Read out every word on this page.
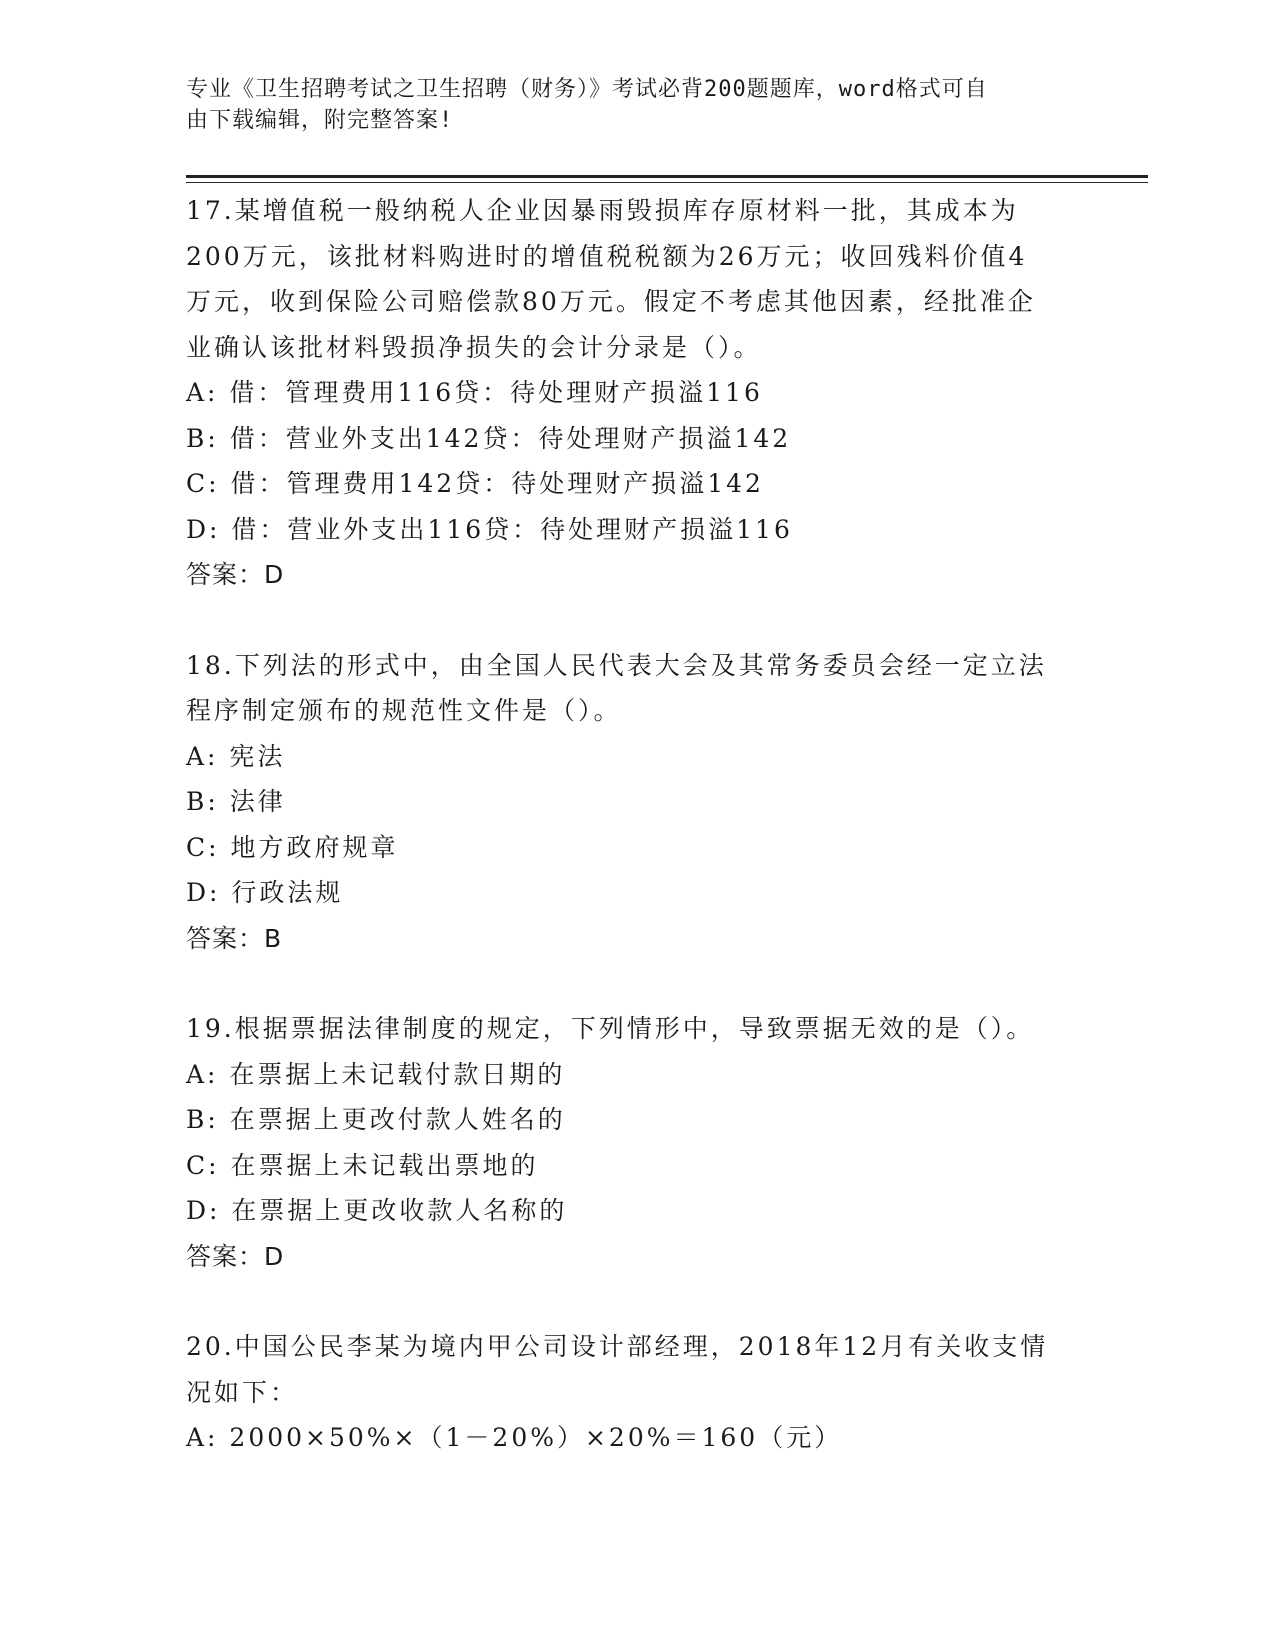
专业《卫生招聘考试之卫生招聘（财务）》考试必背200题题库，word格式可自
由下载编辑，附完整答案!

17.某增值税一般纳税人企业因暴雨毁损库存原材料一批，其成本为

200万元，该批材料购进时的增值税税额为26万元；收回残料价值4

万元，收到保险公司赔偿款80万元。假定不考虑其他因素，经批准企

业确认该批材料毁损净损失的会计分录是（）。

A: 借：管理费用116贷：待处理财产损溢116

B: 借：营业外支出142贷：待处理财产损溢142

C: 借：管理费用142贷：待处理财产损溢142

D: 借：营业外支出116贷：待处理财产损溢116

答案：D

18.下列法的形式中，由全国人民代表大会及其常务委员会经一定立法

程序制定颁布的规范性文件是（）。

A: 宪法

B: 法律

C: 地方政府规章

D: 行政法规

答案：B

19.根据票据法律制度的规定，下列情形中，导致票据无效的是（）。

A: 在票据上未记载付款日期的

B: 在票据上更改付款人姓名的

C: 在票据上未记载出票地的

D: 在票据上更改收款人名称的

答案：D

20.中国公民李某为境内甲公司设计部经理，2018年12月有关收支情

况如下：

A: 2000×50%×（1－20%）×20%＝160（元）
